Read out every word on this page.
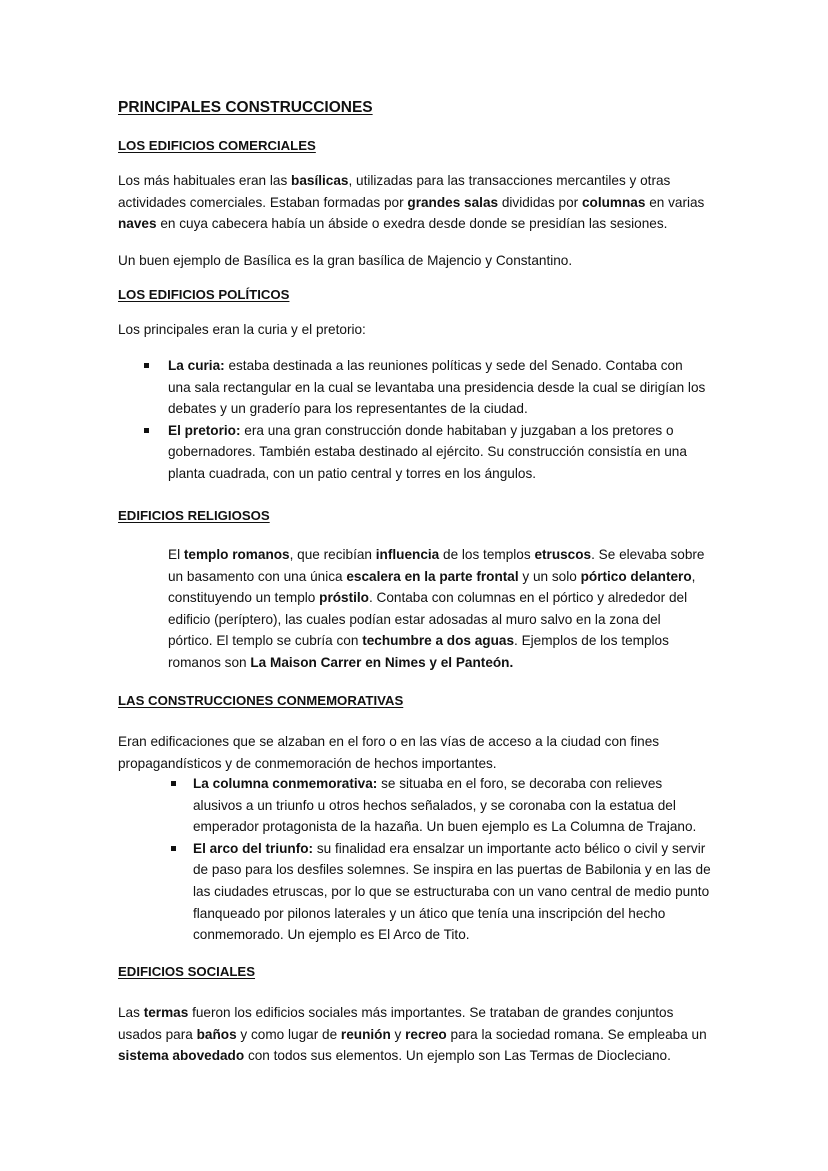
PRINCIPALES CONSTRUCCIONES
LOS EDIFICIOS COMERCIALES
Los más habituales eran las basílicas, utilizadas para las transacciones mercantiles y otras actividades comerciales. Estaban formadas por grandes salas divididas por columnas en varias naves en cuya cabecera había un ábside o exedra desde donde se presidían las sesiones.
Un buen ejemplo de Basílica es la gran basílica de Majencio y Constantino.
LOS EDIFICIOS POLÍTICOS
Los principales eran la curia y el pretorio:
La curia: estaba destinada a las reuniones políticas y sede del Senado. Contaba con una sala rectangular en la cual se levantaba una presidencia desde la cual se dirigían los debates y un graderío para los representantes de la ciudad.
El pretorio: era una gran construcción donde habitaban y juzgaban a los pretores o gobernadores. También estaba destinado al ejército. Su construcción consistía en una planta cuadrada, con un patio central y torres en los ángulos.
EDIFICIOS RELIGIOSOS
El templo romanos, que recibían influencia de los templos etruscos. Se elevaba sobre un basamento con una única escalera en la parte frontal y un solo pórtico delantero, constituyendo un templo próstilo. Contaba con columnas en el pórtico y alrededor del edificio (períptero), las cuales podían estar adosadas al muro salvo en la zona del pórtico. El templo se cubría con techumbre a dos aguas. Ejemplos de los templos romanos son La Maison Carrer en Nimes y el Panteón.
LAS CONSTRUCCIONES CONMEMORATIVAS
Eran edificaciones que se alzaban en el foro o en las vías de acceso a la ciudad con fines propagandísticos y de conmemoración de hechos importantes.
La columna conmemorativa: se situaba en el foro, se decoraba con relieves alusivos a un triunfo u otros hechos señalados, y se coronaba con la estatua del emperador protagonista de la hazaña. Un buen ejemplo es La Columna de Trajano.
El arco del triunfo: su finalidad era ensalzar un importante acto bélico o civil y servir de paso para los desfiles solemnes. Se inspira en las puertas de Babilonia y en las de las ciudades etruscas, por lo que se estructuraba con un vano central de medio punto flanqueado por pilonos laterales y un ático que tenía una inscripción del hecho conmemorado. Un ejemplo es El Arco de Tito.
EDIFICIOS SOCIALES
Las termas fueron los edificios sociales más importantes. Se trataban de grandes conjuntos usados para baños y como lugar de reunión y recreo para la sociedad romana. Se empleaba un sistema abovedado con todos sus elementos. Un ejemplo son Las Termas de Diocleciano.
